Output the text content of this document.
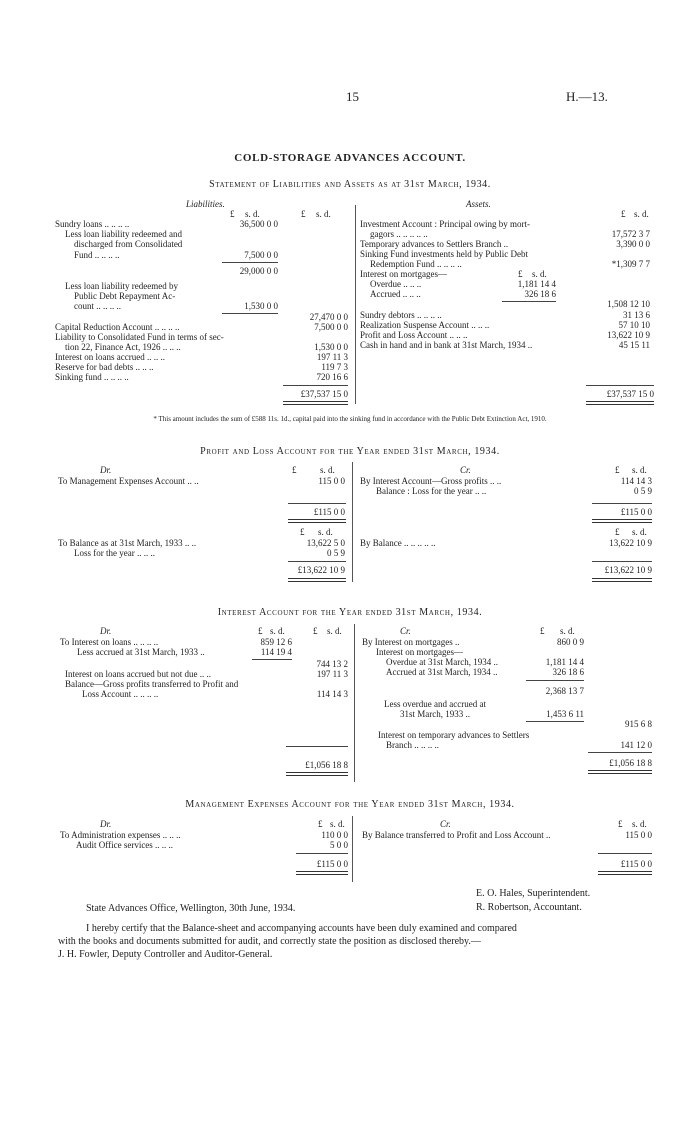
15	H.—13.
COLD-STORAGE ADVANCES ACCOUNT.
Statement of Liabilities and Assets as at 31st March, 1934.
Liabilities.	Assets.
£ s. d.	£ s. d.	£ s. d.
Sundry loans .. .. .. ..	36,500 0 0
Less loan liability redeemed and
discharged from Consolidated
Fund .. .. .. ..	7,500 0 0
29,000 0 0
Less loan liability redeemed by
Public Debt Repayment Ac-
count .. .. .. ..	1,530 0 0
27,470 0 0
Capital Reduction Account .. .. .. ..	7,500 0 0
Liability to Consolidated Fund in terms of sec-
tion 22, Finance Act, 1926 .. .. ..	1,530 0 0
Interest on loans accrued .. .. ..	197 11 3
Reserve for bad debts .. .. ..	119 7 3
Sinking fund .. .. .. ..	720 16 6
£37,537 15 0
Investment Account : Principal owing by mort-
gagors .. .. .. .. ..	17,572 3 7
Temporary advances to Settlers Branch ..	3,390 0 0
Sinking Fund investments held by Public Debt
Redemption Fund .. .. .. ..	*1,309 7 7
Interest on mortgages—	£ s. d.
Overdue .. .. ..	1,181 14 4
Accrued .. .. ..	326 18 6
1,508 12 10
Sundry debtors .. .. .. ..	31 13 6
Realization Suspense Account .. .. ..	57 10 10
Profit and Loss Account .. .. ..	13,622 10 9
Cash in hand and in bank at 31st March, 1934 ..	45 15 11
£37,537 15 0
* This amount includes the sum of £588 11s. 1d., capital paid into the sinking fund in accordance with the Public Debt Extinction Act, 1910.
Profit and Loss Account for the Year ended 31st March, 1934.
Dr.	Cr.
£	s. d.	£ s. d.
To Management Expenses Account .. ..	115 0 0 By Interest Account—Gross profits .. ..	114 14 3
Balance : Loss for the year .. ..	0 5 9
£115 0 0	£115 0 0
£ s. d.	£ s. d.
To Balance as at 31st March, 1933 .. ..	13,622 5 0
Loss for the year .. .. ..	0 5 9
By Balance .. .. .. .. ..	13,622 10 9
£13,622 10 9	£13,622 10 9
Interest Account for the Year ended 31st March, 1934.
Dr.	Cr.
£ s. d.	£ s. d.	£ s. d.
To Interest on loans .. .. .. ..	859 12 6
Less accrued at 31st March, 1933 ..	114 19 4
744 13 2
Interest on loans accrued but not due .. ..	197 11 3
Balance—Gross profits transferred to Profit and
Loss Account .. .. .. ..	114 14 3
£1,056 18 8
By Interest on mortgages ..	860 0 9
Interest on mortgages—
Overdue at 31st March, 1934 ..	1,181 14 4
Accrued at 31st March, 1934 ..	326 18 6
2,368 13 7
Less overdue and accrued at
31st March, 1933 ..	1,453 6 11
915 6 8
Interest on temporary advances to Settlers
Branch .. .. .. ..	141 12 0
£1,056 18 8
Management Expenses Account for the Year ended 31st March, 1934.
Dr.	Cr.
£ s. d.	£ s. d.
To Administration expenses .. .. ..	110 0 0
Audit Office services .. .. ..	5 0 0
£115 0 0
By Balance transferred to Profit and Loss Account ..	115 0 0
£115 0 0
E. O. Hales, Superintendent.
State Advances Office, Wellington, 30th June, 1934.	R. Robertson, Accountant.
I hereby certify that the Balance-sheet and accompanying accounts have been duly examined and compared
with the books and documents submitted for audit, and correctly state the position as disclosed thereby.—
J. H. Fowler, Deputy Controller and Auditor-General.
